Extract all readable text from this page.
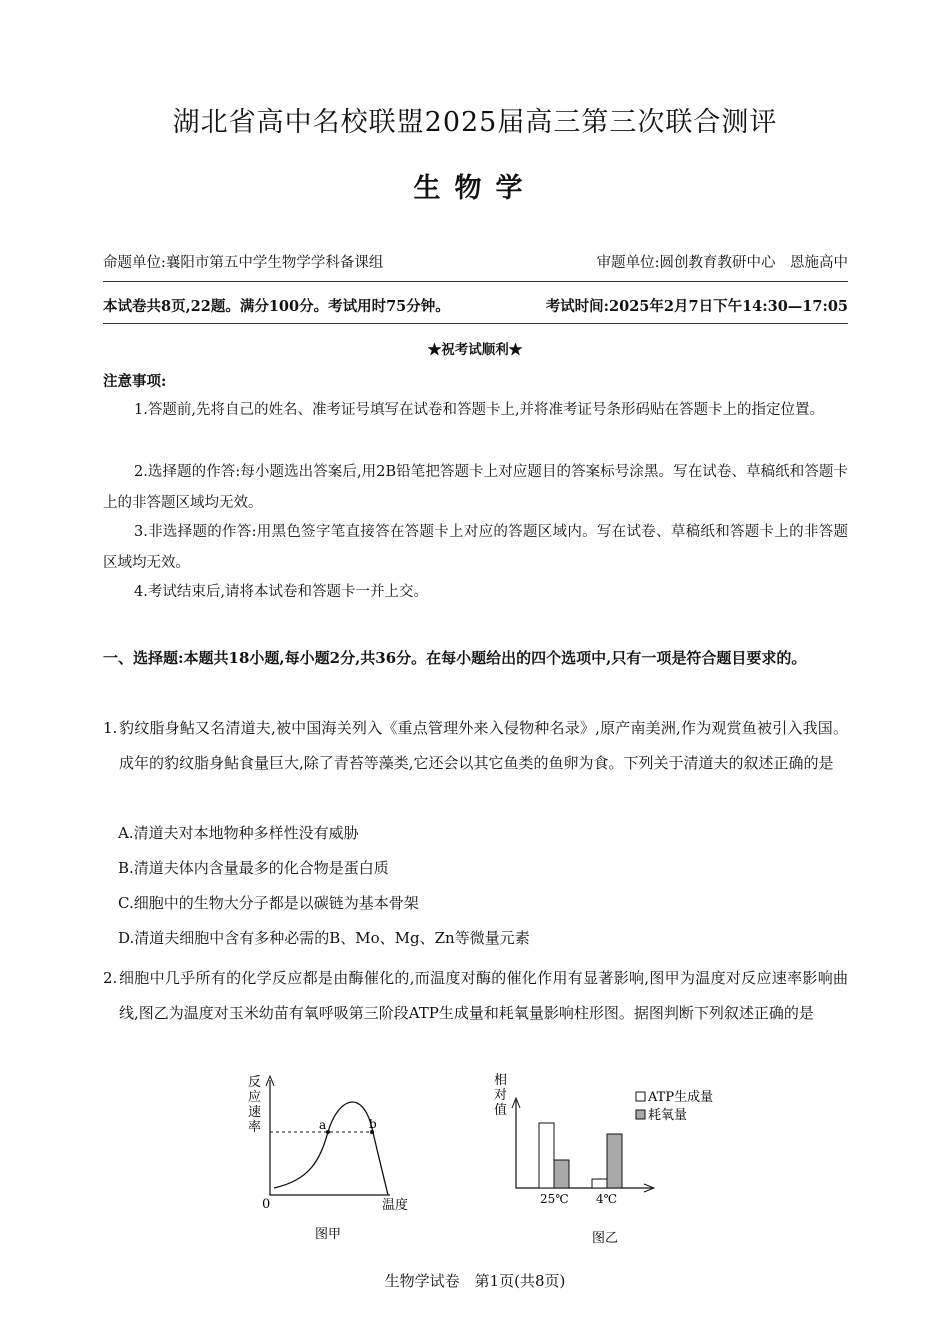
湖北省高中名校联盟2025届高三第三次联合测评
生物学
命题单位:襄阳市第五中学生物学学科备课组	审题单位:圆创教育教研中心　恩施高中
本试卷共8页,22题。满分100分。考试用时75分钟。	考试时间:2025年2月7日下午14:30—17:05
★祝考试顺利★
注意事项:
1.答题前,先将自己的姓名、准考证号填写在试卷和答题卡上,并将准考证号条形码贴在答题卡上的指定位置。
2.选择题的作答:每小题选出答案后,用2B铅笔把答题卡上对应题目的答案标号涂黑。写在试卷、草稿纸和答题卡上的非答题区域均无效。
3.非选择题的作答:用黑色签字笔直接答在答题卡上对应的答题区域内。写在试卷、草稿纸和答题卡上的非答题区域均无效。
4.考试结束后,请将本试卷和答题卡一并上交。
一、选择题:本题共18小题,每小题2分,共36分。在每小题给出的四个选项中,只有一项是符合题目要求的。
1. 豹纹脂身鲇又名清道夫,被中国海关列入《重点管理外来入侵物种名录》,原产南美洲,作为观赏鱼被引入我国。成年的豹纹脂身鲇食量巨大,除了青苔等藻类,它还会以其它鱼类的鱼卵为食。下列关于清道夫的叙述正确的是
A.清道夫对本地物种多样性没有威胁
B.清道夫体内含量最多的化合物是蛋白质
C.细胞中的生物大分子都是以碳链为基本骨架
D.清道夫细胞中含有多种必需的B、Mo、Mg、Zn等微量元素
2. 细胞中几乎所有的化学反应都是由酶催化的,而温度对酶的催化作用有显著影响,图甲为温度对反应速率影响曲线,图乙为温度对玉米幼苗有氧呼吸第三阶段ATP生成量和耗氧量影响柱形图。据图判断下列叙述正确的是
反
应
速
率	a	b
0	温度
图甲
相
对
值
25℃ 4℃
ATP生成量
耗氧量
图乙
生物学试卷　第1页(共8页)
